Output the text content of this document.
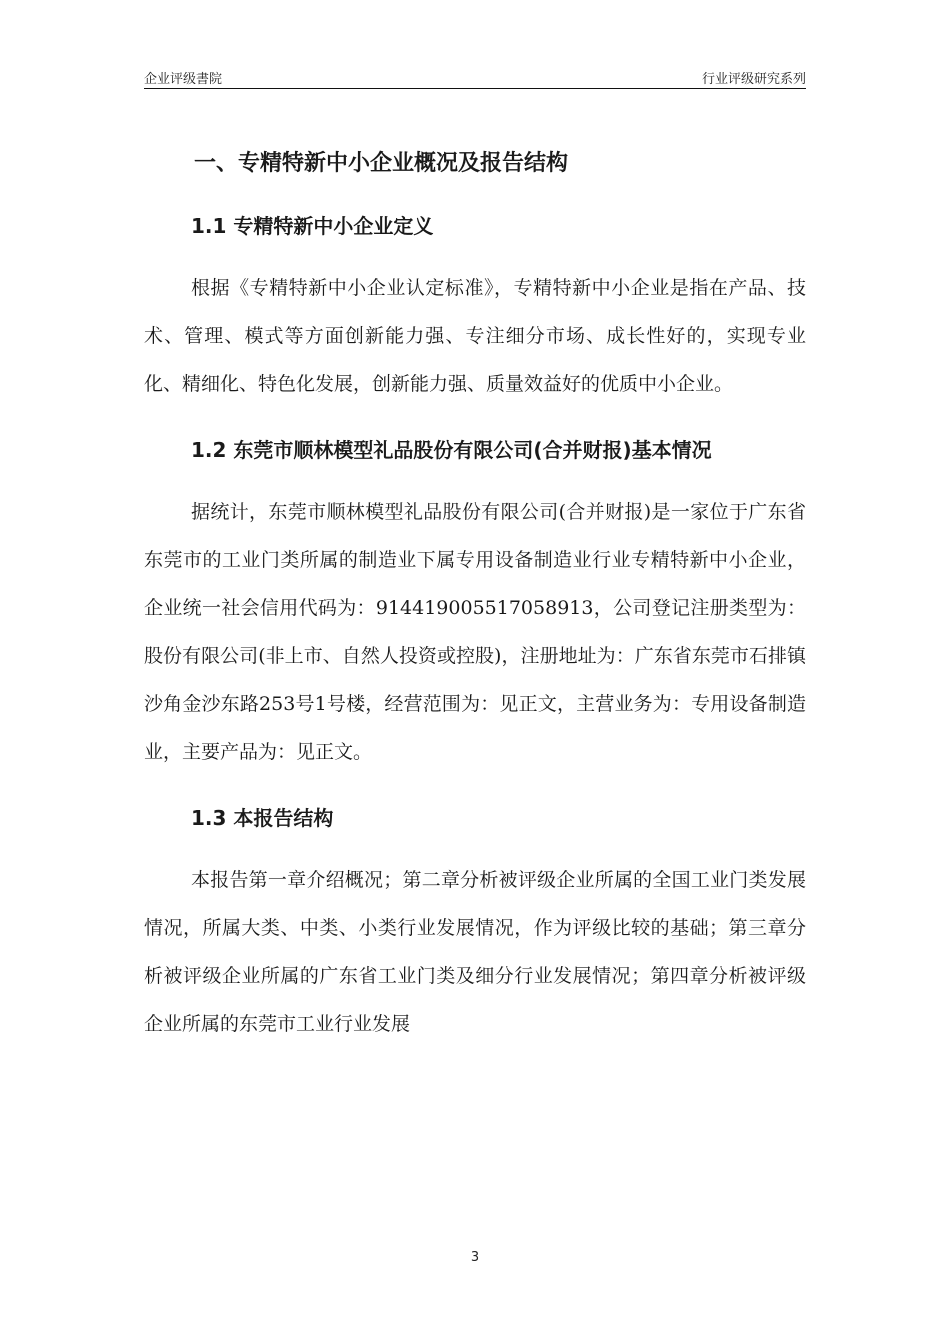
企业评级書院	行业评级研究系列
一、专精特新中小企业概况及报告结构
1.1 专精特新中小企业定义

根据《专精特新中小企业认定标准》，专精特新中小企业是指在产品、技术、管理、模式等方面创新能力强、专注细分市场、成长性好的，实现专业化、精细化、特色化发展，创新能力强、质量效益好的优质中小企业。

1.2 东莞市顺林模型礼品股份有限公司(合并财报)基本情况

据统计，东莞市顺林模型礼品股份有限公司(合并财报)是一家位于广东省东莞市的工业门类所属的制造业下属专用设备制造业行业专精特新中小企业，企业统一社会信用代码为：914419005517058913，公司登记注册类型为：股份有限公司(非上市、自然人投资或控股)，注册地址为：广东省东莞市石排镇沙角金沙东路253号1号楼，经营范围为：见正文，主营业务为：专用设备制造业，主要产品为：见正文。

1.3 本报告结构

本报告第一章介绍概况；第二章分析被评级企业所属的全国工业门类发展情况，所属大类、中类、小类行业发展情况，作为评级比较的基础；第三章分析被评级企业所属的广东省工业门类及细分行业发展情况；第四章分析被评级企业所属的东莞市工业行业发展

3
